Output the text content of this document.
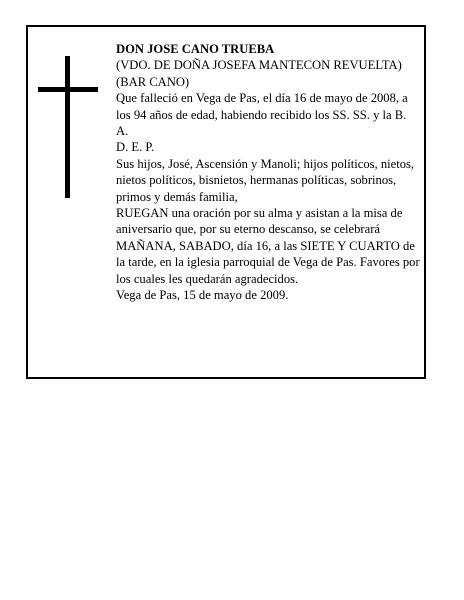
DON JOSE CANO TRUEBA

(VDO. DE DOÑA JOSEFA MANTECON REVUELTA) (BAR CANO)

Que falleció en Vega de Pas, el día 16 de mayo de 2008, a los 94 años de edad, habiendo recibido los SS. SS. y la B. A.

D. E. P.

Sus hijos, José, Ascensión y Manoli; hijos políticos, nietos, nietos políticos, bisnietos, hermanas políticas, sobrinos, primos y demás familia,

RUEGAN una oración por su alma y asistan a la misa de aniversario que, por su eterno descanso, se celebrará MAÑANA, SABADO, día 16, a las SIETE Y CUARTO de la tarde, en la iglesia parroquial de Vega de Pas. Favores por los cuales les quedarán agradecidos.

Vega de Pas, 15 de mayo de 2009.
